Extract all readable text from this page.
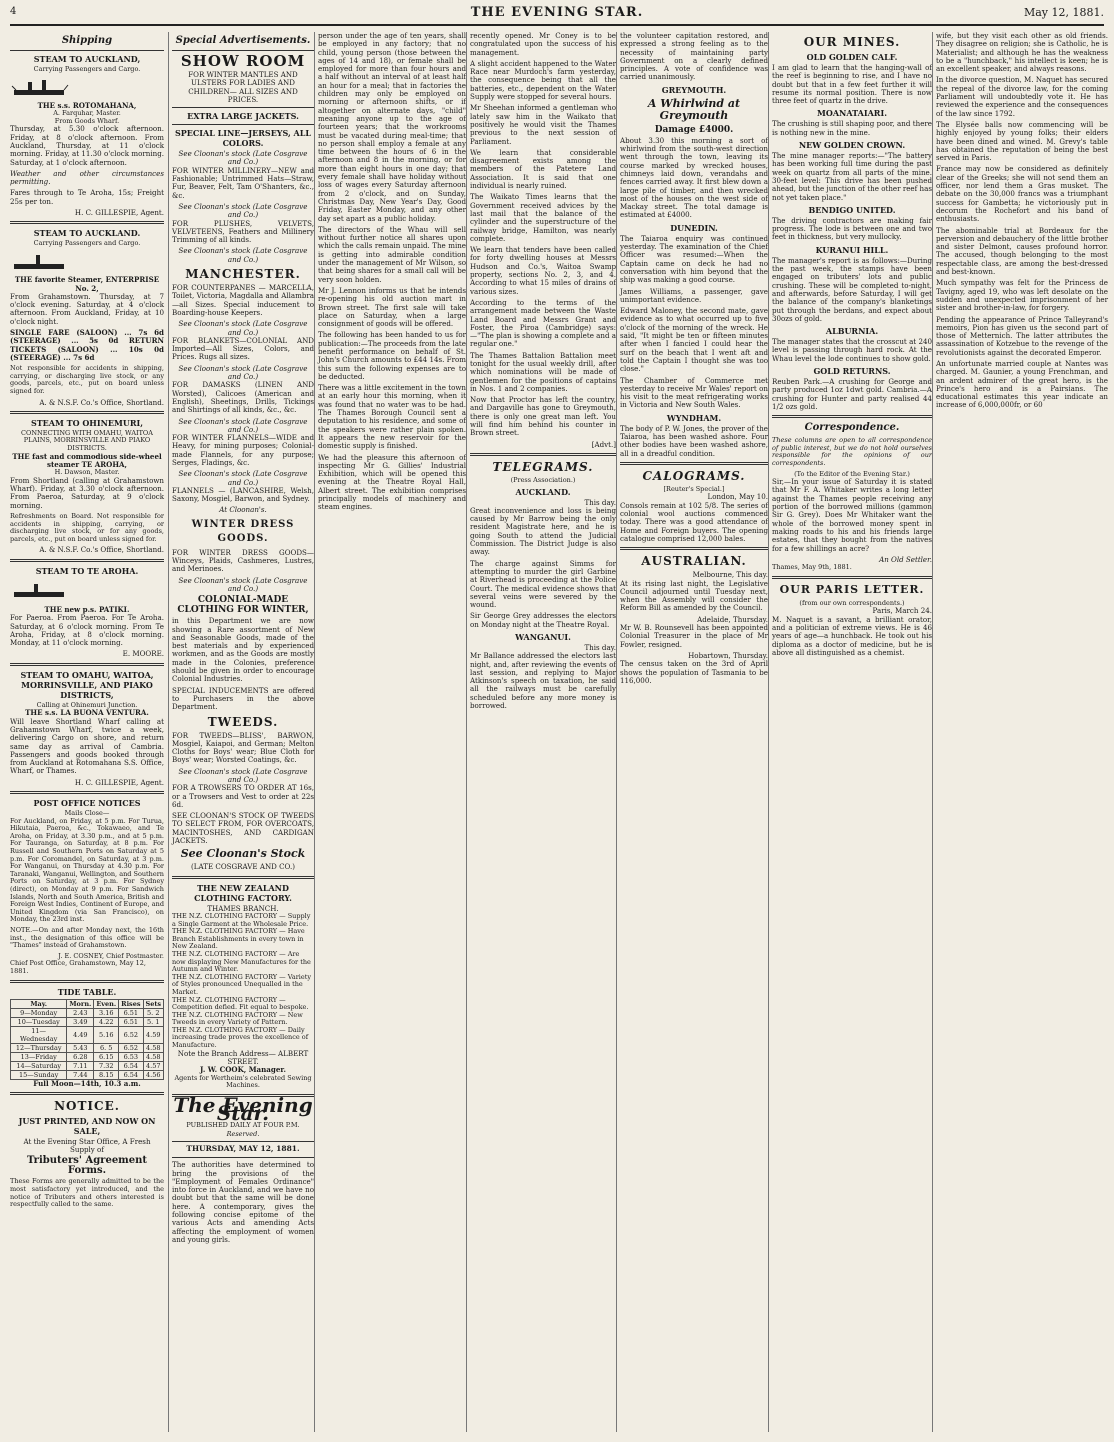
4	THE EVENING STAR.	May 12, 1881.
Shipping
STEAM TO AUCKLAND,
Carrying Passengers and Cargo.
THE s.s. ROTOMAHANA,
A. Farquhar, Master.
From Goods Wharf.

Thursday, at 5.30 o'clock afternoon. Friday, at 8 o'clock afternoon. From Auckland, Thursday, at 11 o'clock morning. Friday, at 11.30 o'clock morning. Saturday, at 1 o'clock afternoon.

Weather and other circumstances permitting.

Fares through to Te Aroha, 15s; Freight 25s per ton.

H. C. GILLESPIE, Agent.
STEAM TO AUCKLAND.
Carrying Passengers and Cargo.
THE favorite Steamer, ENTERPRISE No. 2,

From Grahamstown. Thursday, at 7 o'clock evening. Saturday, at 4 o'clock afternoon. From Auckland, Friday, at 10 o'clock night.

SINGLE FARE (SALOON) ... 7s 6d (STEERAGE) ... 5s 0d RETURN TICKETS (SALOON) ... 10s 0d (STEERAGE) ... 7s 6d

Not responsible for accidents in shipping, carrying, or discharging live stock, or any goods, parcels, etc., put on board unless signed for.

A. & N.S.F. Co.'s Office, Shortland.
STEAM TO OHINEMURI,
CONNECTING WITH OMAHU, WAITOA PLAINS, MORRINSVILLE AND PIAKO DISTRICTS.
THE fast and commodious side-wheel steamer TE AROHA,
H. Dawson, Master.

From Shortland (calling at Grahamstown Wharf). Friday, at 3.30 o'clock afternoon. From Paeroa, Saturday, at 9 o'clock morning.

Refreshments on Board. Not responsible for accidents in shipping, carrying, or discharging live stock, or for any goods, parcels, etc., put on board unless signed for.

A. & N.S.F. Co.'s Office, Shortland.
STEAM TO TE AROHA.
THE new p.s. PATIKI.

For Paeroa. From Paeroa. For Te Aroha. Saturday, at 6 o'clock morning. From Te Aroha, Friday, at 8 o'clock morning. Monday, at 11 o'clock morning.

E. MOORE.
STEAM TO OMAHU, WAITOA, MORRINSVILLE, AND PIAKO DISTRICTS,
Calling at Ohinemuri Junction.
THE s.s. LA BUONA VENTURA.

Will leave Shortland Wharf calling at Grahamstown Wharf, twice a week, delivering Cargo on shore, and return same day as arrival of Cambria. Passengers and goods booked through from Auckland at Rotomahana S.S. Office, Wharf, or Thames.

H. C. GILLESPIE, Agent.
POST OFFICE NOTICES
Mails Close—

For Auckland, on Friday, at 5 p.m. For Turua, Hikutaia, Paeroa, &c., Tokawaeo, and Te Aroha, on Friday, at 3.30 p.m., and at 5 p.m. For Tauranga, on Saturday, at 8 p.m. For Russell and Southern Ports on Saturday at 5 p.m. For Coromandel, on Saturday, at 3 p.m. For Wanganui, on Thursday at 4.30 p.m. For Taranaki, Wanganui, Wellington, and Southern Ports on Saturday, at 3 p.m. For Sydney (direct), on Monday at 9 p.m. For Sandwich Islands, North and South America, British and Foreign West Indies, Continent of Europe, and United Kingdom (via San Francisco), on Monday, the 23rd inst.

NOTE.—On and after Monday next, the 16th inst., the designation of this office will be "Thames" instead of Grahamstown.

J. E. COSNEY, Chief Postmaster.
Chief Post Office, Grahamstown, May 12, 1881.
TIDE TABLE.
May.	Morn.	Even.	Rises	Sets
9—Monday	2.43	3.16	6.51	5. 2
10—Tuesday	3.49	4.22	6.51	5. 1
11—Wednesday	4.49	5.16	6.52	4.59
12—Thursday	5.43	6. 5	6.52	4.58
13—Friday	6.28	6.15	6.53	4.58
14—Saturday	7.11	7.32	6.54	4.57
15—Sunday	7.44	8.15	6.54	4.56
Full Moon—14th, 10.3 a.m.
NOTICE.
JUST PRINTED, AND NOW ON SALE,
At the Evening Star Office, A Fresh Supply of
Tributers' Agreement Forms.

These Forms are generally admitted to be the most satisfactory yet introduced, and the notice of Tributers and others interested is respectfully called to the same.

Special Advertisements.
SHOW ROOM
FOR WINTER MANTLES AND ULSTERS FOR LADIES AND CHILDREN— ALL SIZES AND PRICES.
EXTRA LARGE JACKETS.
SPECIAL LINE—JERSEYS, ALL COLORS.
See Cloonan's stock (Late Cosgrave and Co.)

FOR WINTER MILLINERY—NEW and Fashionable; Untrimmed Hats—Straw, Fur, Beaver, Felt, Tam O'Shanters, &c., &c.

See Cloonan's stock (Late Cosgrave and Co.)

FOR PLUSHES, VELVETS, VELVETEENS, Feathers and Millinery Trimming of all kinds.

See Cloonan's stock (Late Cosgrave and Co.)
MANCHESTER.

FOR COUNTERPANES — MARCELLA, Toilet, Victoria, Magdalla and Allambra—all Sizes. Special inducement to Boarding-house Keepers.

See Cloonan's stock (Late Cosgrave and Co.)

FOR BLANKETS—COLONIAL AND Imported—All Sizes, Colors, and Prices. Rugs all sizes.

See Cloonan's stock (Late Cosgrave and Co.)

FOR DAMASKS (LINEN AND Worsted), Calicoes (American and English), Sheetings, Drills, Tickings and Shirtings of all kinds, &c., &c.

See Cloonan's stock (Late Cosgrave and Co.)

FOR WINTER FLANNELS—WIDE and Heavy, for mining purposes; Colonial-made Flannels, for any purpose; Serges, Fladings, &c.

See Cloonan's stock (Late Cosgrave and Co.)

FLANNELS — (LANCASHIRE, Welsh, Saxony, Mosgiel, Barwon, and Sydney.

At Cloonan's.
WINTER DRESS GOODS.

FOR WINTER DRESS GOODS—Winceys, Plaids, Cashmeres, Lustres, and Merinoes.

See Cloonan's stock (Late Cosgrave and Co.)
COLONIAL-MADE CLOTHING FOR WINTER,

in this Department we are now showing a Rare assortment of New and Seasonable Goods, made of the best materials and by experienced workmen, and as the Goods are mostly made in the Colonies, preference should be given in order to encourage Colonial Industries.

SPECIAL INDUCEMENTS are offered to Purchasers in the above Department.

TWEEDS.

FOR TWEEDS—BLISS', BARWON, Mosgiel, Kaiapoi, and German; Melton Cloths for Boys' wear; Blue Cloth for Boys' wear; Worsted Coatings, &c.

See Cloonan's stock (Late Cosgrave and Co.)

FOR A TROWSERS TO ORDER AT 16s, or a Trowsers and Vest to order at 22s 6d.

SEE CLOONAN'S STOCK OF TWEEDS TO SELECT FROM, FOR OVERCOATS, MACINTOSHES, AND CARDIGAN JACKETS.

See Cloonan's Stock
(LATE COSGRAVE AND CO.)
THE NEW ZEALAND CLOTHING FACTORY.
THAMES BRANCH.
THE N.Z. CLOTHING FACTORY — Supply a Single Garment at the Wholesale Price.
THE N.Z. CLOTHING FACTORY — Have Branch Establishments in every town in New Zealand.
THE N.Z. CLOTHING FACTORY — Are now displaying New Manufactures for the Autumn and Winter.
THE N.Z. CLOTHING FACTORY — Variety of Styles pronounced Unequalled in the Market.
THE N.Z. CLOTHING FACTORY — Competition defied. Fit equal to bespoke.
THE N.Z. CLOTHING FACTORY — New Tweeds in every Variety of Pattern.
THE N.Z. CLOTHING FACTORY — Daily increasing trade proves the excellence of Manufacture.
Note the Branch Address— ALBERT STREET.
J. W. COOK, Manager.
Agents for Wertheim's celebrated Sewing Machines.
The Evening Star.
PUBLISHED DAILY AT FOUR P.M.
Reserved.
THURSDAY, MAY 12, 1881.

The authorities have determined to bring the provisions of the "Employment of Females Ordinance" into force in Auckland, and we have no doubt but that the same will be done here. A contemporary, gives the following concise epitome of the various Acts and amending Acts affecting the employment of women and young girls.

person under the age of ten years, shall be employed in any factory; that no child, young person (those between the ages of 14 and 18), or female shall be employed for more than four hours and a half without an interval of at least half an hour for a meal; that in factories the children may only be employed on morning or afternoon shifts, or if altogether on alternate days, "child" meaning anyone up to the age of fourteen years; that the workrooms must be vacated during meal-time; that no person shall employ a female at any time between the hours of 6 in the afternoon and 8 in the morning, or for more than eight hours in one day; that every female shall have holiday without loss of wages every Saturday afternoon from 2 o'clock, and on Sunday, Christmas Day, New Year's Day, Good Friday, Easter Monday, and any other day set apart as a public holiday.

The directors of the Whau will sell without further notice all shares upon which the calls remain unpaid. The mine is getting into admirable condition under the management of Mr Wilson, so that being shares for a small call will be very soon holden.

Mr J. Lennon informs us that he intends re-opening his old auction mart in Brown street. The first sale will take place on Saturday, when a large consignment of goods will be offered.

The following has been handed to us for publication:—The proceeds from the late benefit performance on behalf of St. John's Church amounts to £44 14s. From this sum the following expenses are to be deducted.

There was a little excitement in the town at an early hour this morning, when it was found that no water was to be had. The Thames Borough Council sent a deputation to his residence, and some of the speakers were rather plain spoken. It appears the new reservoir for the domestic supply is finished.

We had the pleasure this afternoon of inspecting Mr G. Gillies' Industrial Exhibition, which will be opened this evening at the Theatre Royal Hall, Albert street. The exhibition comprises principally models of machinery and steam engines.

recently opened. Mr Coney is to be congratulated upon the success of his management.

A slight accident happened to the Water Race near Murdoch's farm yesterday, the consequence being that all the batteries, etc., dependent on the Water Supply were stopped for several hours.

Mr Sheehan informed a gentleman who lately saw him in the Waikato that positively he would visit the Thames previous to the next session of Parliament.

We learn that considerable disagreement exists among the members of the Patetere Land Association. It is said that one individual is nearly ruined.

The Waikato Times learns that the Government received advices by the last mail that the balance of the cylinder and the superstructure of the railway bridge, Hamilton, was nearly complete.

We learn that tenders have been called for forty dwelling houses at Messrs Hudson and Co.'s, Waitoa Swamp property, sections No. 2, 3, and 4. According to what 15 miles of drains of various sizes.

According to the terms of the arrangement made between the Waste Land Board and Messrs Grant and Foster, the Piroa (Cambridge) says:—"The plan is showing a complete and a regular one."

The Thames Battalion Battalion meet tonight for the usual weekly drill, after which nominations will be made of gentlemen for the positions of captains in Nos. 1 and 2 companies.

Now that Proctor has left the country, and Dargaville has gone to Greymouth, there is only one great man left. You will find him behind his counter in Brown street.

[Advt.]
TELEGRAMS.
(Press Association.)
AUCKLAND.
This day.

Great inconvenience and loss is being caused by Mr Barrow being the only resident Magistrate here, and he is going South to attend the Judicial Commission. The District Judge is also away.

The charge against Simms for attempting to murder the girl Garbine at Riverhead is proceeding at the Police Court. The medical evidence shows that several veins were severed by the wound.

Sir George Grey addresses the electors on Monday night at the Theatre Royal.

WANGANUI.
This day.

Mr Ballance addressed the electors last night, and, after reviewing the events of last session, and replying to Major Atkinson's speech on taxation, he said all the railways must be carefully scheduled before any more money is borrowed.

the volunteer capitation restored, and expressed a strong feeling as to the necessity of maintaining party Government on a clearly defined principles. A vote of confidence was carried unanimously.

GREYMOUTH.
A Whirlwind at Greymouth
Damage £4000.

About 3.30 this morning a sort of whirlwind from the south-west direction went through the town, leaving its course marked by wrecked houses, chimneys laid down, verandahs and fences carried away. It first blew down a large pile of timber, and then wrecked most of the houses on the west side of Mackay street. The total damage is estimated at £4000.

DUNEDIN.

The Taiaroa enquiry was continued yesterday. The examination of the Chief Officer was resumed:—When the Captain came on deck he had no conversation with him beyond that the ship was making a good course.

James Williams, a passenger, gave unimportant evidence.

Edward Maloney, the second mate, gave evidence as to what occurred up to five o'clock of the morning of the wreck. He said, "It might be ten or fifteen minutes after when I fancied I could hear the surf on the beach that I went aft and told the Captain I thought she was too close."

The Chamber of Commerce met yesterday to receive Mr Wales' report on his visit to the meat refrigerating works in Victoria and New South Wales.

WYNDHAM.

The body of P. W. Jones, the prover of the Taiaroa, has been washed ashore. Four other bodies have been washed ashore, all in a dreadful condition.

CALOGRAMS.
[Reuter's Special.]
London, May 10.

Consols remain at 102 5/8. The series of colonial wool auctions commenced today. There was a good attendance of Home and Foreign buyers. The opening catalogue comprised 12,000 bales.

AUSTRALIAN.
Melbourne, This day.

At its rising last night, the Legislative Council adjourned until Tuesday next, when the Assembly will consider the Reform Bill as amended by the Council.

Adelaide, Thursday.

Mr W. B. Rounsevell has been appointed Colonial Treasurer in the place of Mr Fowler, resigned.

Hobartown, Thursday.

The census taken on the 3rd of April shows the population of Tasmania to be 116,000.

OUR MINES.
OLD GOLDEN CALF.

I am glad to learn that the hanging-wall of the reef is beginning to rise, and I have no doubt but that in a few feet further it will resume its normal position. There is now three feet of quartz in the drive.

MOANATAIARI.

The crushing is still shaping poor, and there is nothing new in the mine.

NEW GOLDEN CROWN.

The mine manager reports:—"The battery has been working full time during the past week on quartz from all parts of the mine. 30-feet level: This drive has been pushed ahead, but the junction of the other reef has not yet taken place."

BENDIGO UNITED.

The driving contractors are making fair progress. The lode is between one and two feet in thickness, but very mullocky.

KURANUI HILL.

The manager's report is as follows:—During the past week, the stamps have been engaged on tributers' lots and public crushing. These will be completed to-night, and afterwards, before Saturday, I will get the balance of the company's blanketings put through the berdans, and expect about 30ozs of gold.

ALBURNIA.

The manager states that the crosscut at 240 level is passing through hard rock. At the Whau level the lode continues to show gold.

GOLD RETURNS.

Reuben Park.—A crushing for George and party produced 1oz 1dwt gold. Cambria.—A crushing for Hunter and party realised 44 1/2 ozs gold.

Correspondence.

These columns are open to all correspondence of public interest, but we do not hold ourselves responsible for the opinions of our correspondents.

(To the Editor of the Evening Star.)

Sir,—In your issue of Saturday it is stated that Mr F. A. Whitaker writes a long letter against the Thames people receiving any portion of the borrowed millions (gammon Sir G. Grey). Does Mr Whitaker want the whole of the borrowed money spent in making roads to his and his friends large estates, that they bought from the natives for a few shillings an acre?

An Old Settler.
Thames, May 9th, 1881.
OUR PARIS LETTER.
(from our own correspondents.)
Paris, March 24.

M. Naquet is a savant, a brilliant orator, and a politician of extreme views. He is 46 years of age—a hunchback. He took out his diploma as a doctor of medicine, but he is above all distinguished as a chemist.

wife, but they visit each other as old friends. They disagree on religion; she is Catholic, he is Materialist; and although he has the weakness to be a "hunchback," his intellect is keen; he is an excellent speaker, and always reasons.

In the divorce question, M. Naquet has secured the repeal of the divorce law, for the coming Parliament will undoubtedly vote it. He has reviewed the experience and the consequences of the law since 1792.

The Elysée balls now commencing will be highly enjoyed by young folks; their elders have been dined and wined. M. Grevy's table has obtained the reputation of being the best served in Paris.

France may now be considered as definitely clear of the Greeks; she will not send them an officer, nor lend them a Gras musket. The debate on the 30,000 francs was a triumphant success for Gambetta; he victoriously put in decorum the Rochefort and his band of enthusiasts.

The abominable trial at Bordeaux for the perversion and debauchery of the little brother and sister Delmont, causes profound horror. The accused, though belonging to the most respectable class, are among the best-dressed and best-known.

Much sympathy was felt for the Princess de Tavigny, aged 19, who was left desolate on the sudden and unexpected imprisonment of her sister and brother-in-law, for forgery.

Pending the appearance of Prince Talleyrand's memoirs, Pion has given us the second part of those of Metternich. The latter attributes the assassination of Kotzebue to the revenge of the revolutionists against the decorated Emperor.

An unfortunate married couple at Nantes was charged. M. Gaunier, a young Frenchman, and an ardent admirer of the great hero, is the Prince's hero and is a Pairsians. The educational estimates this year indicate an increase of 6,000,000fr, or 60
